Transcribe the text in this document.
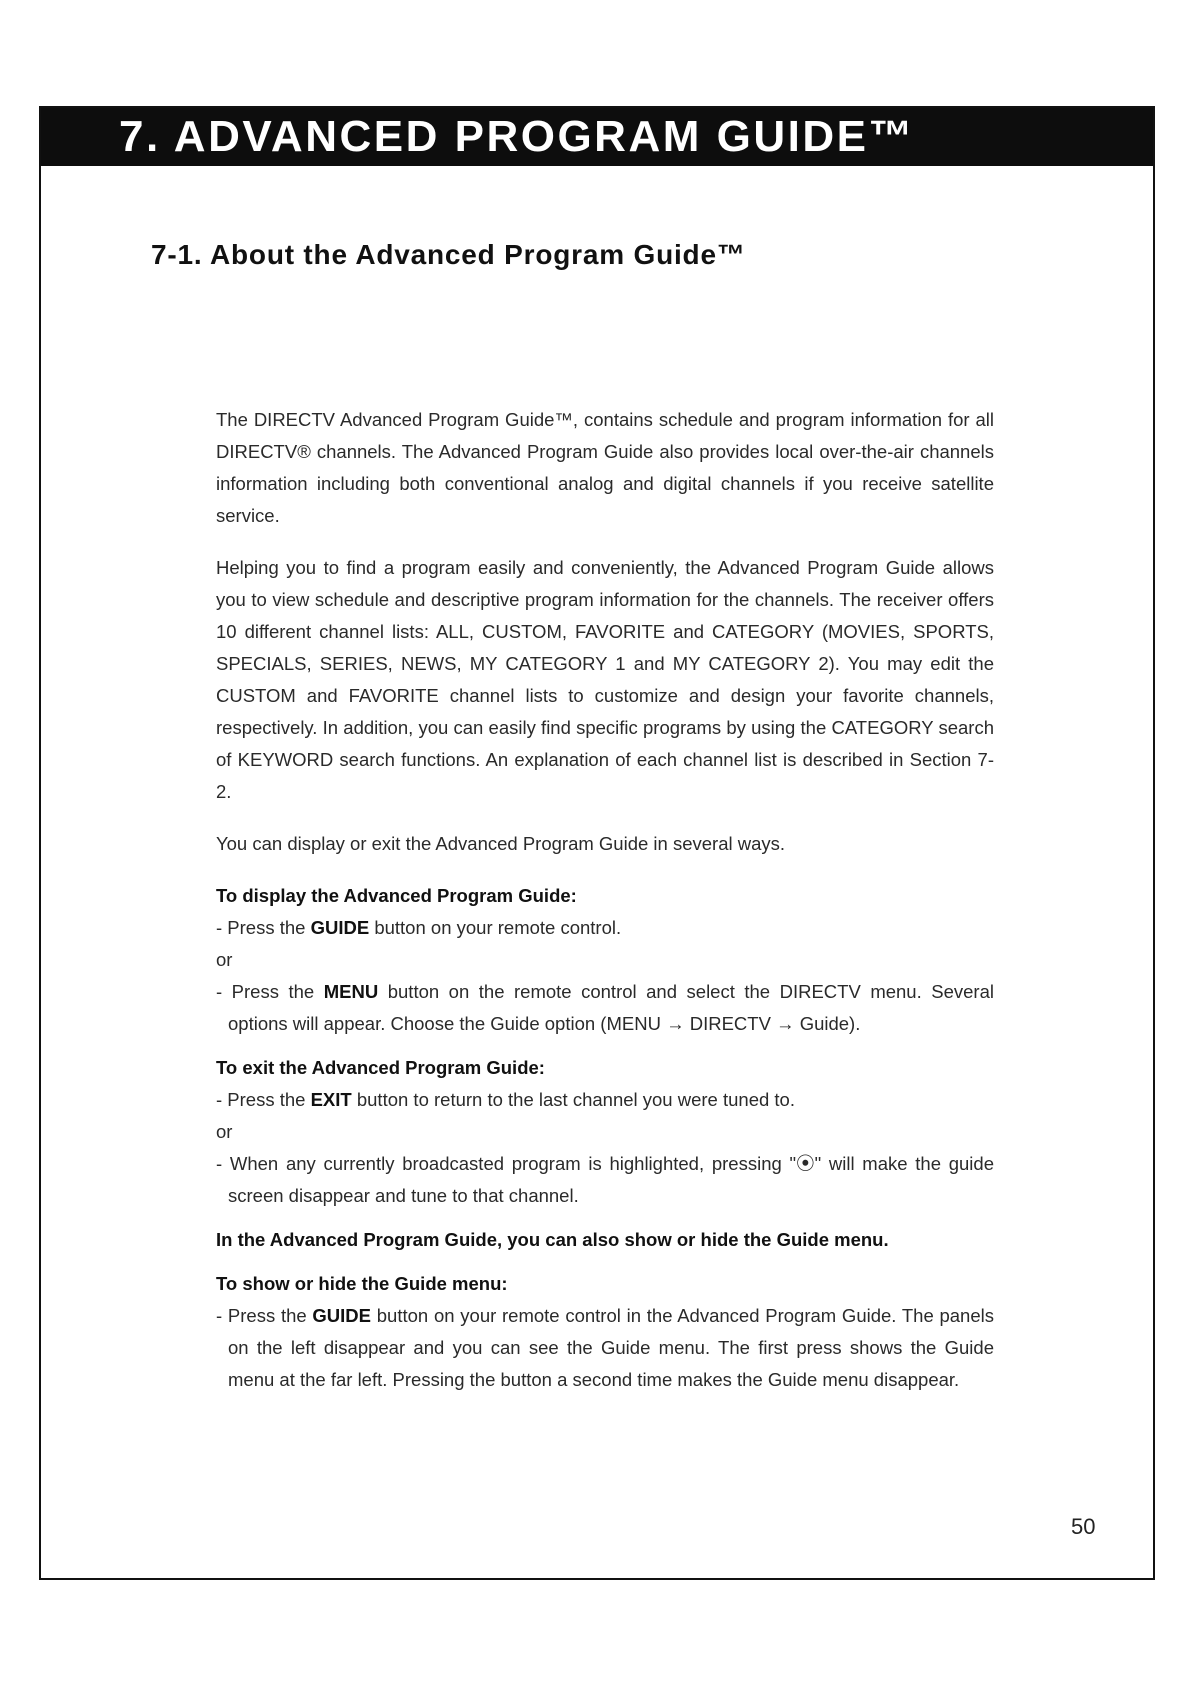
7. ADVANCED PROGRAM GUIDE™
7-1. About the Advanced Program Guide™

The DIRECTV Advanced Program Guide™, contains schedule and program information for all DIRECTV® channels. The Advanced Program Guide also provides local over-the-air channels information including both conventional analog and digital channels if you receive satellite service.

Helping you to find a program easily and conveniently, the Advanced Program Guide allows you to view schedule and descriptive program information for the channels. The receiver offers 10 different channel lists: ALL, CUSTOM, FAVORITE and CATEGORY (MOVIES, SPORTS, SPECIALS, SERIES, NEWS, MY CATEGORY 1 and MY CATEGORY 2). You may edit the CUSTOM and FAVORITE channel lists to customize and design your favorite channels, respectively. In addition, you can easily find specific programs by using the CATEGORY search of KEYWORD search functions. An explanation of each channel list is described in Section 7-2.

You can display or exit the Advanced Program Guide in several ways.

To display the Advanced Program Guide:

- Press the GUIDE button on your remote control.

or

- Press the MENU button on the remote control and select the DIRECTV menu. Several options will appear. Choose the Guide option (MENU → DIRECTV → Guide).

To exit the Advanced Program Guide:

- Press the EXIT button to return to the last channel you were tuned to.

or

- When any currently broadcasted program is highlighted, pressing "⦿" will make the guide screen disappear and tune to that channel.

In the Advanced Program Guide, you can also show or hide the Guide menu.

To show or hide the Guide menu:

- Press the GUIDE button on your remote control in the Advanced Program Guide. The panels on the left disappear and you can see the Guide menu. The first press shows the Guide menu at the far left. Pressing the button a second time makes the Guide menu disappear.

50
